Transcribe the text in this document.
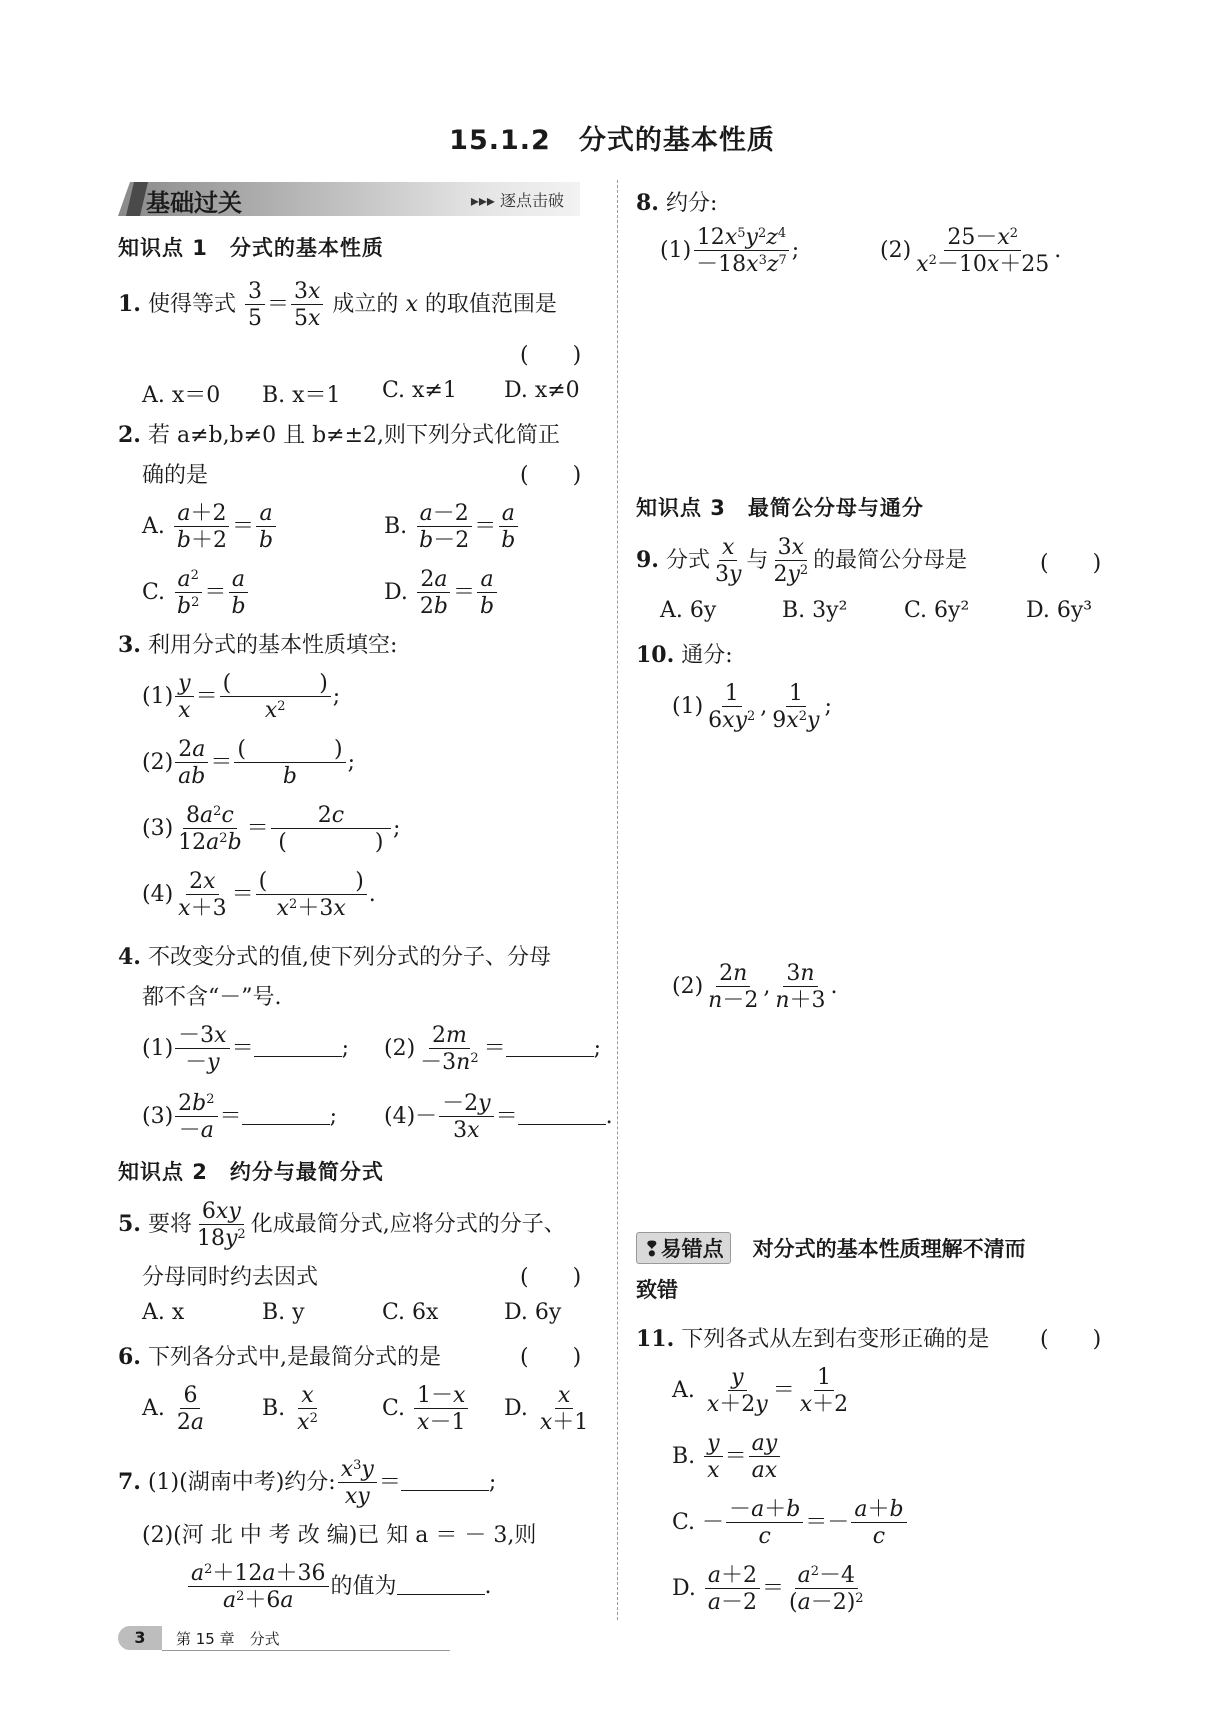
15.1.2　分式的基本性质
基础过关	▸▸▸ 逐点击破
知识点 1　分式的基本性质
1. 使得等式 $\frac{3}{5} = \frac{3x}{5x}$ 成立的 x 的取值范围是
(　　)
A. x＝0 B. x＝1 C. x≠1 D. x≠0
2. 若 a≠b,b≠0 且 b≠±2,则下列分式化简正
确的是	(　　)
A. $\frac{a+2}{b+2} = \frac{a}{b}$	B. $\frac{a-2}{b-2} = \frac{a}{b}$
C. $\frac{a^2}{b^2} = \frac{a}{b}$	D. $\frac{2a}{2b} = \frac{a}{b}$
3. 利用分式的基本性质填空:
$(1) \frac{y}{x} = \frac{( )}{x^2}$ ;
$(2) \frac{2a}{ab} = \frac{( )}{b}$ ;
$(3) \frac{8a^2c}{12a^2b}$ ＝ 　　$\frac{2c}{( )}$ ;
$(4) \frac{2x}{x+3} = \frac{( )}{x^2+3x}$ .
4. 不改变分式的值,使下列分式的分子、分母
都不含“－”号.
$(1) \frac{-3x}{-y}$ ＝	; $(2) \frac{2m}{-3n^2}$ ＝	;
$(3) \frac{2b^2}{-a}$ ＝	; $(4)- \frac{-2y}{3x}$ ＝	.
知识点 2　约分与最简分式
5. 要将 $\frac{6xy}{18y^2}$ 化成最简分式,应将分式的分子、
分母同时约去因式	(　　)
A. x	B. y	C. 6x	D. 6y
6. 下列各分式中,是最简分式的是	(　　)
A. $\frac{6}{2a}$	B. $\frac{x}{x^2}$	C. $\frac{1-x}{x-1} D$. $\frac{x}{x+1}$
7. (1)(湖南中考)约分: $\frac{x^3y}{xy}$ ＝	;
(2)(河 北 中 考 改 编)已 知 a ＝ － 3,则
$\frac{a^2+12a+36}{a^2+6a}$ 的值为	.
8. 约分:
$(1) \frac{12x^5y^2z^4}{-18x^3z^7}$ ;	$(2) \frac{25-x^2}{x^2-10x+25}$ .
知识点 3　最简公分母与通分
9. 分式 $\frac{x}{3y}$ 与 $\frac{3x}{2y^2}$ 的最简公分母是	(　　)
A. 6y	B. 3y²	C. 6y²	D. 6y³
10. 通分:
$(1) \frac{1}{6xy^2}$ , $\frac{1}{9x^2y}$ ;
$(2) \frac{2n}{n-2}$ , $\frac{3n}{n+3}$ .
❢易错点 对分式的基本性质理解不清而
致错
11. 下列各式从左到右变形正确的是 (　　)
A. $\frac{y}{x+2y} = \frac{1}{x+2}$
B. $\frac{y}{x} = \frac{ay}{ax}$
C. － $\frac{-a+b}{c} =- \frac{a+b}{c}$
D. $\frac{a+2}{a-2} = \frac{a^2-4}{(a-2)^2}$
3	第 15 章　分式
